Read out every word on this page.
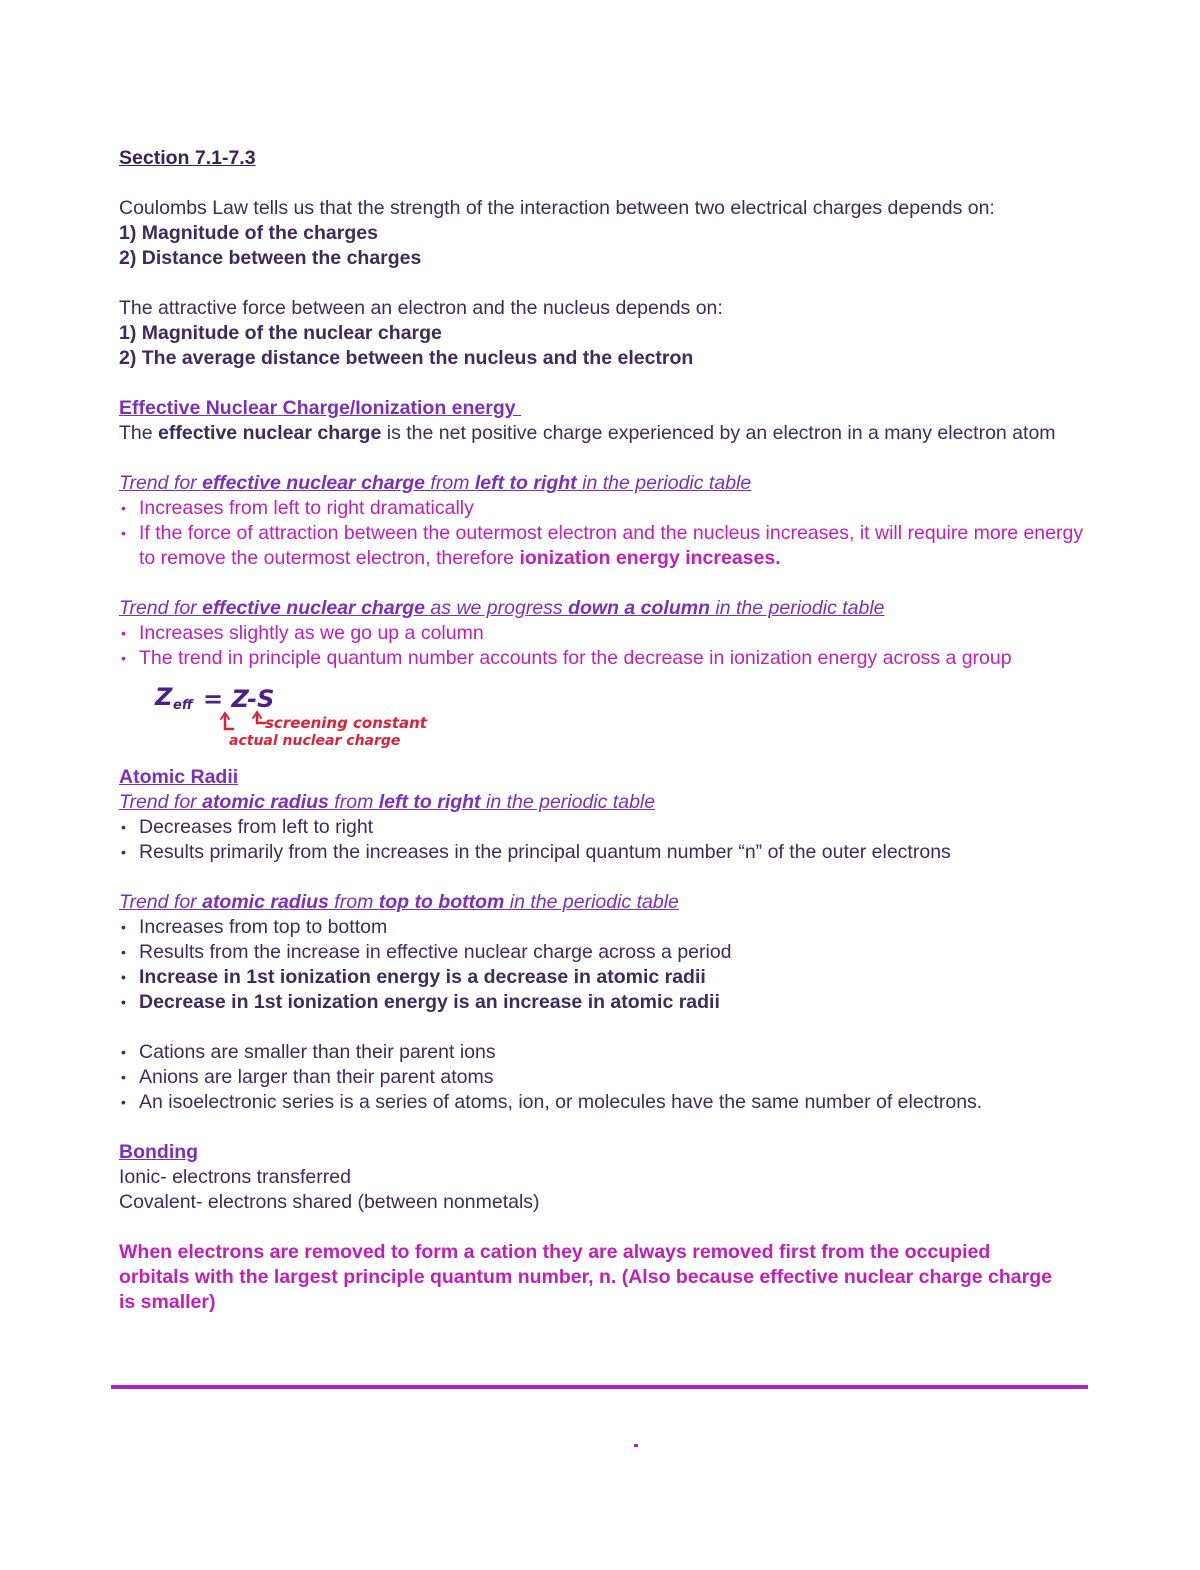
Section 7.1-7.3

Coulombs Law tells us that the strength of the interaction between two electrical charges depends on:

1) Magnitude of the charges

2) Distance between the charges

The attractive force between an electron and the nucleus depends on:

1) Magnitude of the nuclear charge

2) The average distance between the nucleus and the electron

Effective Nuclear Charge/Ionization energy

The effective nuclear charge is the net positive charge experienced by an electron in a many electron atom

Trend for effective nuclear charge from left to right in the periodic table

• Increases from left to right dramatically
• If the force of attraction between the outermost electron and the nucleus increases, it will require more energy to remove the outermost electron, therefore ionization energy increases.

Trend for effective nuclear charge as we progress down a column in the periodic table

• Increases slightly as we go up a column
• The trend in principle quantum number accounts for the decrease in ionization energy across a group
Z eff = Z-S
screening constant
actual nuclear charge

Atomic Radii

Trend for atomic radius from left to right in the periodic table

• Decreases from left to right
• Results primarily from the increases in the principal quantum number “n” of the outer electrons

Trend for atomic radius from top to bottom in the periodic table

• Increases from top to bottom
• Results from the increase in effective nuclear charge across a period
• Increase in 1st ionization energy is a decrease in atomic radii
• Decrease in 1st ionization energy is an increase in atomic radii
• Cations are smaller than their parent ions
• Anions are larger than their parent atoms
• An isoelectronic series is a series of atoms, ion, or molecules have the same number of electrons.

Bonding

Ionic- electrons transferred

Covalent- electrons shared (between nonmetals)

When electrons are removed to form a cation they are always removed first from the occupied orbitals with the largest principle quantum number, n. (Also because effective nuclear charge charge is smaller)
